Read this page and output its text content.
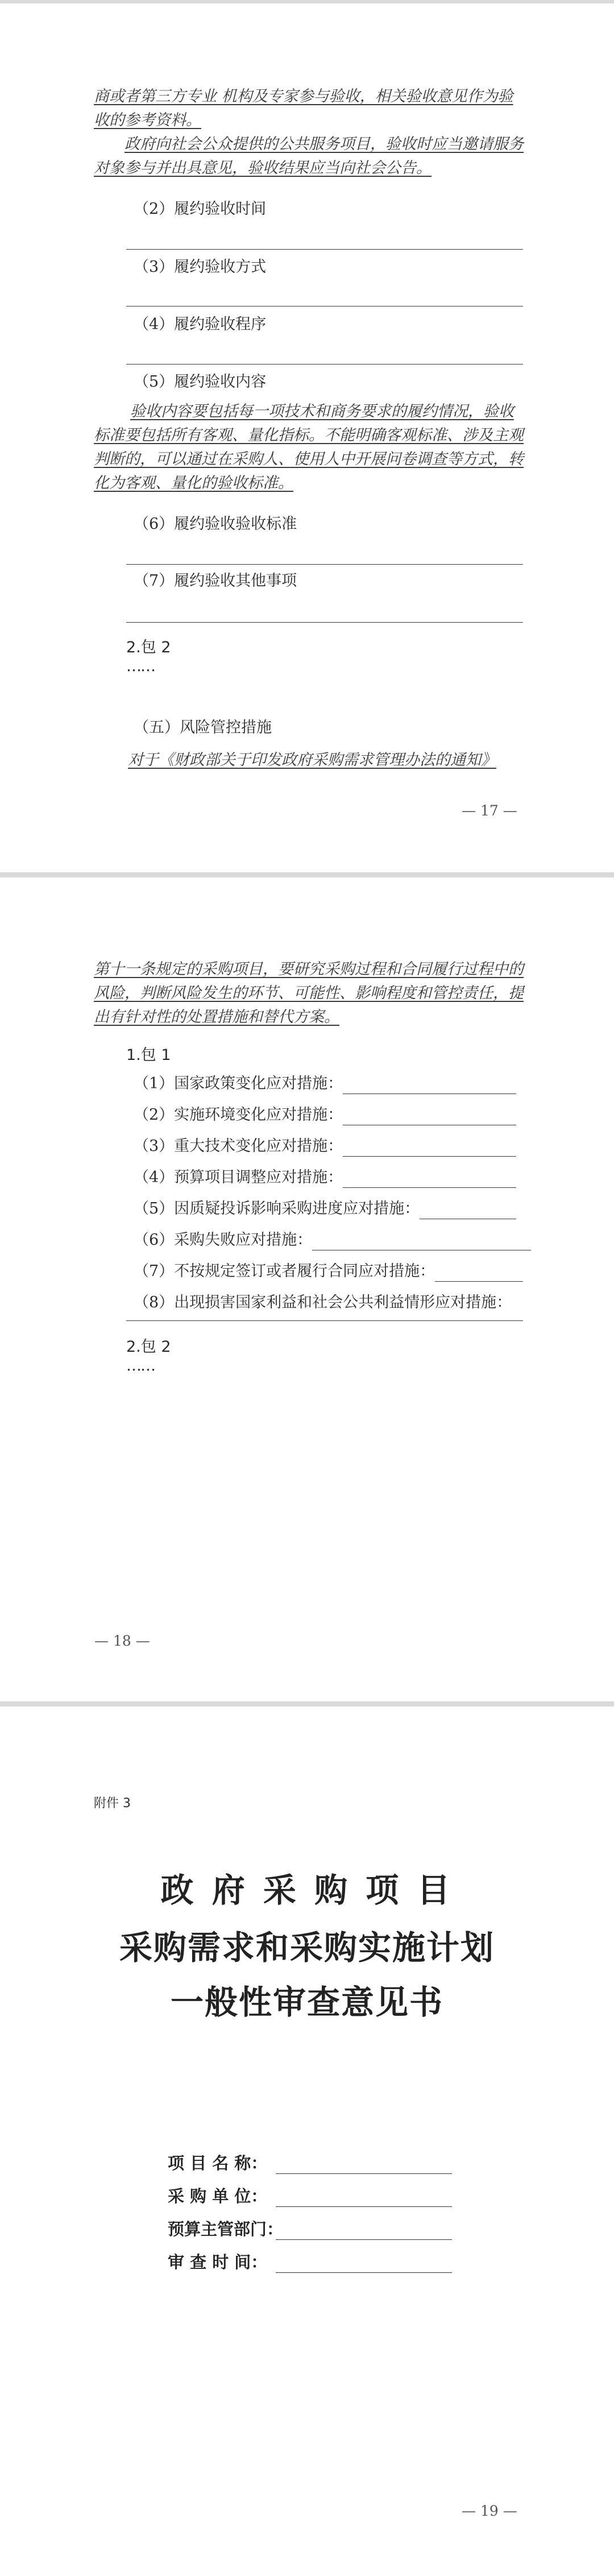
商或者第三方专业 机构及专家参与验收，相关验收意见作为验收的参考资料。
政府向社会公众提供的公共服务项目，验收时应当邀请服务对象参与并出具意见，验收结果应当向社会公告。
（2）履约验收时间
（3）履约验收方式
（4）履约验收程序
（5）履约验收内容
验收内容要包括每一项技术和商务要求的履约情况，验收标准要包括所有客观、量化指标。不能明确客观标准、涉及主观判断的，可以通过在采购人、使用人中开展问卷调查等方式，转化为客观、量化的验收标准。
（6）履约验收验收标准
（7）履约验收其他事项
2.包 2
……
（五）风险管控措施
对于《财政部关于印发政府采购需求管理办法的通知》
— 17 —
第十一条规定的采购项目，要研究采购过程和合同履行过程中的风险，判断风险发生的环节、可能性、影响程度和管控责任，提出有针对性的处置措施和替代方案。
1.包 1
（1）国家政策变化应对措施：
（2）实施环境变化应对措施：
（3）重大技术变化应对措施：
（4）预算项目调整应对措施：
（5）因质疑投诉影响采购进度应对措施：
（6）采购失败应对措施：
（7）不按规定签订或者履行合同应对措施：
（8）出现损害国家利益和社会公共利益情形应对措施：
2.包 2
……
— 18 —
附件 3
政 府 采 购 项 目
采购需求和采购实施计划
一般性审查意见书
项 目 名 称：
采 购 单 位：
预算主管部门：
审 查 时 间：
— 19 —
